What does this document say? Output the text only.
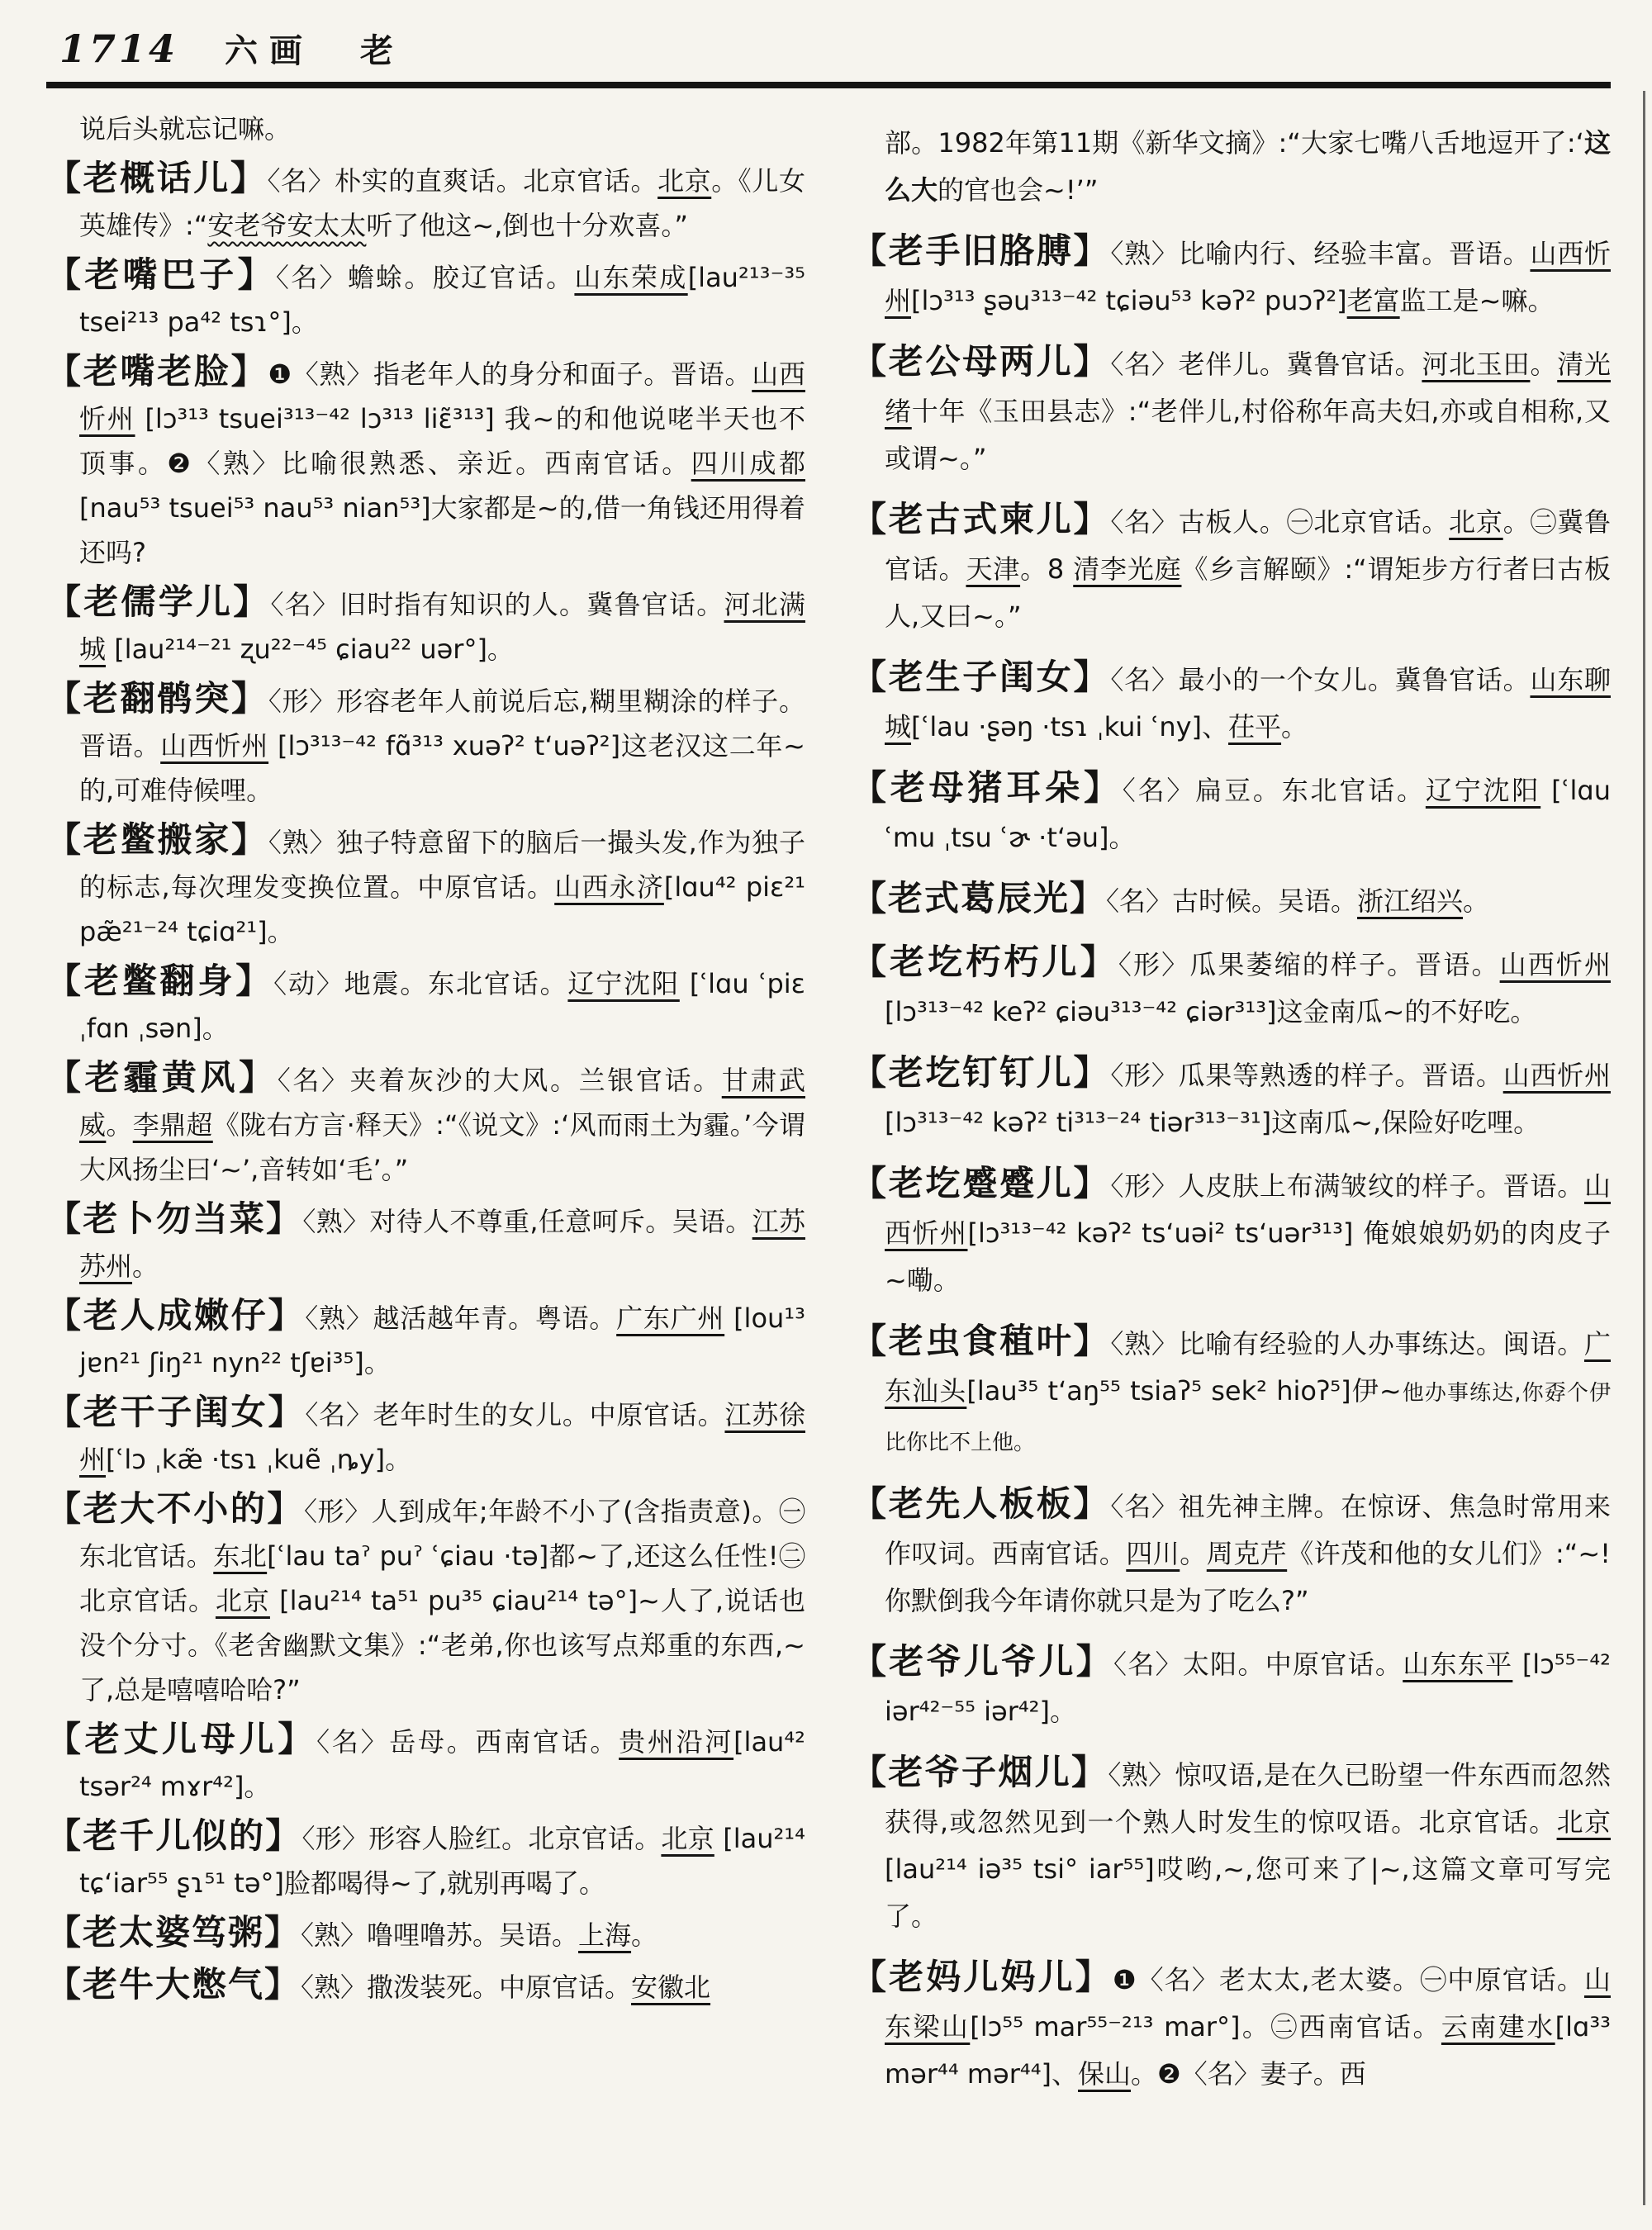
1714 六画 老

说后头就忘记嘛。

【老概话儿】〈名〉朴实的直爽话。北京官话。北京。《儿女英雄传》:“安老爷安太太听了他这~,倒也十分欢喜。”

【老嘴巴子】〈名〉蟾蜍。胶辽官话。山东荣成[lau²¹³⁻³⁵ tsei²¹³ pa⁴² tsɿ°]。

【老嘴老脸】❶〈熟〉指老年人的身分和面子。晋语。山西忻州 [lɔ³¹³ tsuei³¹³⁻⁴² lɔ³¹³ liɛ̃³¹³] 我~的和他说咾半天也不顶事。❷〈熟〉比喻很熟悉、亲近。西南官话。四川成都 [nau⁵³ tsuei⁵³ nau⁵³ nian⁵³]大家都是~的,借一角钱还用得着还吗?

【老儒学儿】〈名〉旧时指有知识的人。冀鲁官话。河北满城 [lau²¹⁴⁻²¹ ʐu²²⁻⁴⁵ ɕiau²² uər°]。

【老翻鹘突】〈形〉形容老年人前说后忘,糊里糊涂的样子。晋语。山西忻州 [lɔ³¹³⁻⁴² fɑ̃³¹³ xuəʔ² tʻuəʔ²]这老汉这二年~的,可难侍候哩。

【老鳖搬家】〈熟〉独子特意留下的脑后一撮头发,作为独子的标志,每次理发变换位置。中原官话。山西永济[lɑu⁴² piɛ²¹ pæ̃²¹⁻²⁴ tɕiɑ²¹]。

【老鳖翻身】〈动〉地震。东北官话。辽宁沈阳 [ʿlɑu ʿpiɛ ˌfɑn ˌsən]。

【老霾黄风】〈名〉夹着灰沙的大风。兰银官话。甘肃武威。李鼎超《陇右方言·释天》:“《说文》:‘风而雨土为霾。’今谓大风扬尘曰‘~’,音转如‘毛’。”

【老卜勿当菜】〈熟〉对待人不尊重,任意呵斥。吴语。江苏苏州。

【老人成嫩仔】〈熟〉越活越年青。粤语。广东广州 [lou¹³ jɐn²¹ ʃiŋ²¹ nyn²² tʃɐi³⁵]。

【老干子闺女】〈名〉老年时生的女儿。中原官话。江苏徐州[ʿlɔ ˌkæ̃ ·tsɿ ˌkuẽ ˌȵy]。

【老大不小的】〈形〉人到成年;年龄不小了(含指责意)。㊀东北官话。东北[ʿlau taˀ puˀ ʿɕiau ·tə]都~了,还这么任性!㊁北京官话。北京 [lau²¹⁴ ta⁵¹ pu³⁵ ɕiau²¹⁴ tə°]~人了,说话也没个分寸。《老舍幽默文集》:“老弟,你也该写点郑重的东西,~了,总是嘻嘻哈哈?”

【老丈儿母儿】〈名〉岳母。西南官话。贵州沿河[lau⁴² tsər²⁴ mɤr⁴²]。

【老千儿似的】〈形〉形容人脸红。北京官话。北京 [lau²¹⁴ tɕʻiar⁵⁵ ʂɿ⁵¹ tə°]脸都喝得~了,就别再喝了。

【老太婆笃粥】〈熟〉噜哩噜苏。吴语。上海。

【老牛大憋气】〈熟〉撒泼装死。中原官话。安徽北

部。1982年第11期《新华文摘》:“大家七嘴八舌地逗开了:‘这么大的官也会~!’”

【老手旧胳膊】〈熟〉比喻内行、经验丰富。晋语。山西忻州[lɔ³¹³ ʂəu³¹³⁻⁴² tɕiəu⁵³ kəʔ² puɔʔ²]老富监工是~嘛。

【老公母两儿】〈名〉老伴儿。冀鲁官话。河北玉田。清光绪十年《玉田县志》:“老伴儿,村俗称年高夫妇,亦或自相称,又或谓~。”

【老古式柬儿】〈名〉古板人。㊀北京官话。北京。㊁冀鲁官话。天津。8 清李光庭《乡言解颐》:“谓矩步方行者曰古板人,又曰~。”

【老生子闺女】〈名〉最小的一个女儿。冀鲁官话。山东聊城[ʿlau ·ʂəŋ ·tsɿ ˌkui ʿny]、茌平。

【老母猪耳朵】〈名〉扁豆。东北官话。辽宁沈阳 [ʿlɑu ʿmu ˌtsu ʿɚ ·tʻəu]。

【老式葛辰光】〈名〉古时候。吴语。浙江绍兴。

【老圪朽朽儿】〈形〉瓜果萎缩的样子。晋语。山西忻州[lɔ³¹³⁻⁴² keʔ² ɕiəu³¹³⁻⁴² ɕiər³¹³]这金南瓜~的不好吃。

【老圪钉钉儿】〈形〉瓜果等熟透的样子。晋语。山西忻州[lɔ³¹³⁻⁴² kəʔ² ti³¹³⁻²⁴ tiər³¹³⁻³¹]这南瓜~,保险好吃哩。

【老圪蹙蹙儿】〈形〉人皮肤上布满皱纹的样子。晋语。山西忻州[lɔ³¹³⁻⁴² kəʔ² tsʻuəi² tsʻuər³¹³] 俺娘娘奶奶的肉皮子~嘞。

【老虫食稙叶】〈熟〉比喻有经验的人办事练达。闽语。广东汕头[lau³⁵ tʻaŋ⁵⁵ tsiaʔ⁵ sek² hioʔ⁵]伊~他办事练达,你孬个伊比你比不上他。

【老先人板板】〈名〉祖先神主牌。在惊讶、焦急时常用来作叹词。西南官话。四川。周克芹《许茂和他的女儿们》:“~!你默倒我今年请你就只是为了吃么?”

【老爷儿爷儿】〈名〉太阳。中原官话。山东东平 [lɔ⁵⁵⁻⁴² iər⁴²⁻⁵⁵ iər⁴²]。

【老爷子烟儿】〈熟〉惊叹语,是在久已盼望一件东西而忽然获得,或忽然见到一个熟人时发生的惊叹语。北京官话。北京[lau²¹⁴ iə³⁵ tsi° iar⁵⁵]哎哟,~,您可来了|~,这篇文章可写完了。

【老妈儿妈儿】❶〈名〉老太太,老太婆。㊀中原官话。山东梁山[lɔ⁵⁵ mar⁵⁵⁻²¹³ mar°]。㊁西南官话。云南建水[lɑ³³ mər⁴⁴ mər⁴⁴]、保山。❷〈名〉妻子。西
